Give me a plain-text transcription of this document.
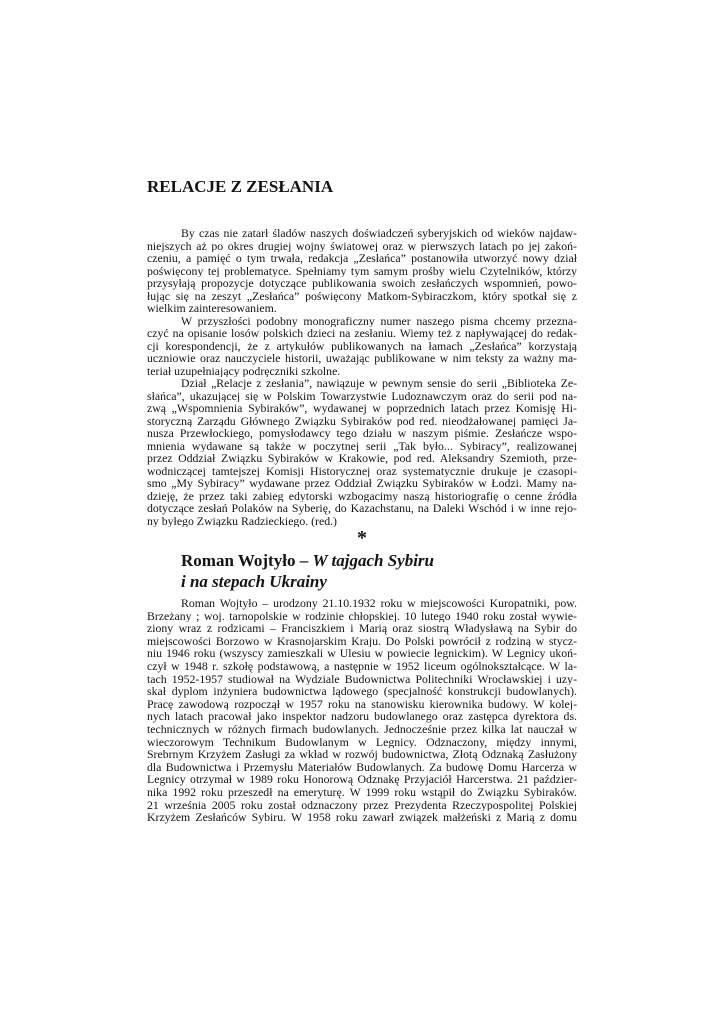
RELACJE Z ZESŁANIA
By czas nie zatarł śladów naszych doświadczeń syberyjskich od wieków najdaw-
niejszych aż po okres drugiej wojny światowej oraz w pierwszych latach po jej zakoń-
czeniu, a pamięć o tym trwała, redakcja „Zesłańca” postanowiła utworzyć nowy dział
poświęcony tej problematyce. Spełniamy tym samym prośby wielu Czytelników, którzy
przysyłają propozycje dotyczące publikowania swoich zesłańczych wspomnień, powo-
łując się na zeszyt „Zesłańca” poświęcony Matkom-Sybiraczkom, który spotkał się z
wielkim zainteresowaniem.
W przyszłości podobny monograficzny numer naszego pisma chcemy przezna-
czyć na opisanie losów polskich dzieci na zesłaniu. Wiemy też z napływającej do redak-
cji korespondencji, że z artykułów publikowanych na łamach „Zesłańca” korzystają
uczniowie oraz nauczyciele historii, uważając publikowane w nim teksty za ważny ma-
teriał uzupełniający podręczniki szkolne.
Dział „Relacje z zesłania”, nawiązuje w pewnym sensie do serii „Biblioteka Ze-
słańca”, ukazującej się w Polskim Towarzystwie Ludoznawczym oraz do serii pod na-
zwą „Wspomnienia Sybiraków”, wydawanej w poprzednich latach przez Komisję Hi-
storyczną Zarządu Głównego Związku Sybiraków pod red. nieodżałowanej pamięci Ja-
nusza Przewłockiego, pomysłodawcy tego działu w naszym piśmie. Zesłańcze wspo-
mnienia wydawane są także w poczytnej serii „Tak było... Sybiracy”, realizowanej
przez Oddział Związku Sybiraków w Krakowie, pod red. Aleksandry Szemioth, prze-
wodniczącej tamtejszej Komisji Historycznej oraz systematycznie drukuje je czasopi-
smo „My Sybiracy” wydawane przez Oddział Związku Sybiraków w Łodzi. Mamy na-
dzieję, że przez taki zabieg edytorski wzbogacimy naszą historiografię o cenne źródła
dotyczące zesłań Polaków na Syberię, do Kazachstanu, na Daleki Wschód i w inne rejo-
ny byłego Związku Radzieckiego. (red.)
*
Roman Wojtyło – W tajgach Sybiru
i na stepach Ukrainy
Roman Wojtyło – urodzony 21.10.1932 roku w miejscowości Kuropatniki, pow.
Brzeżany ; woj. tarnopolskie w rodzinie chłopskiej. 10 lutego 1940 roku został wywie-
ziony wraz z rodzicami – Franciszkiem i Marią oraz siostrą Władysławą na Sybir do
miejscowości Borzowo w Krasnojarskim Kraju. Do Polski powrócił z rodziną w stycz-
niu 1946 roku (wszyscy zamieszkali w Ulesiu w powiecie legnickim). W Legnicy ukoń-
czył w 1948 r. szkołę podstawową, a następnie w 1952 liceum ogólnokształcące. W la-
tach 1952-1957 studiował na Wydziale Budownictwa Politechniki Wrocławskiej i uzy-
skał dyplom inżyniera budownictwa lądowego (specjalność konstrukcji budowlanych).
Pracę zawodową rozpoczął w 1957 roku na stanowisku kierownika budowy. W kolej-
nych latach pracował jako inspektor nadzoru budowlanego oraz zastępca dyrektora ds.
technicznych w różnych firmach budowlanych. Jednocześnie przez kilka lat nauczał w
wieczorowym Technikum Budowlanym w Legnicy. Odznaczony, między innymi,
Srebrnym Krzyżem Zasługi za wkład w rozwój budownictwa, Złotą Odznaką Zasłużony
dla Budownictwa i Przemysłu Materiałów Budowlanych. Za budowę Domu Harcerza w
Legnicy otrzymał w 1989 roku Honorową Odznakę Przyjaciół Harcerstwa. 21 paździer-
nika 1992 roku przeszedł na emeryturę. W 1999 roku wstąpił do Związku Sybiraków.
21 września 2005 roku został odznaczony przez Prezydenta Rzeczypospolitej Polskiej
Krzyżem Zesłańców Sybiru. W 1958 roku zawarł związek małżeński z Marią z domu
